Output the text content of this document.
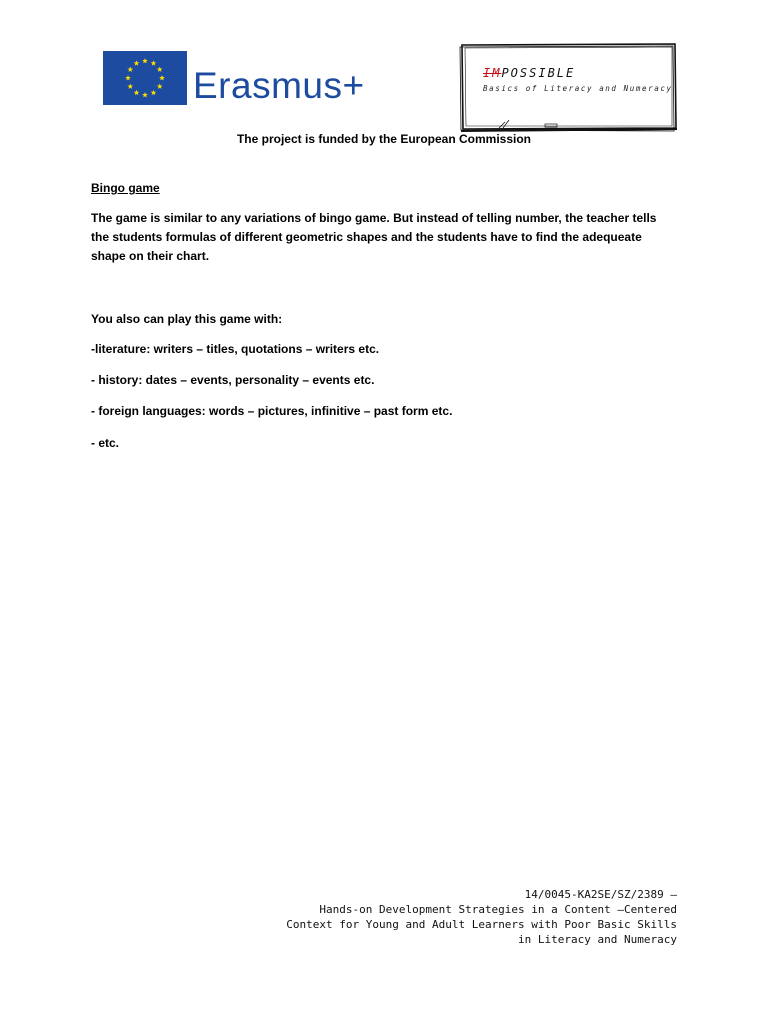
Erasmus+	IMPOSSIBLE
Basics of Literacy and Numeracy
The project is funded by the European Commission
Bingo game
The game is similar to any variations of bingo game. But instead of telling number, the teacher tells
the students formulas of different geometric shapes and the students have to find the adequeate
shape on their chart.
You also can play this game with:
-literature: writers – titles, quotations – writers etc.
- history: dates – events, personality – events etc.
- foreign languages: words – pictures, infinitive – past form etc.
- etc.
14/0045-KA2SE/SZ/2389 –
Hands-on Development Strategies in a Content –Centered
Context for Young and Adult Learners with Poor Basic Skills
in Literacy and Numeracy
